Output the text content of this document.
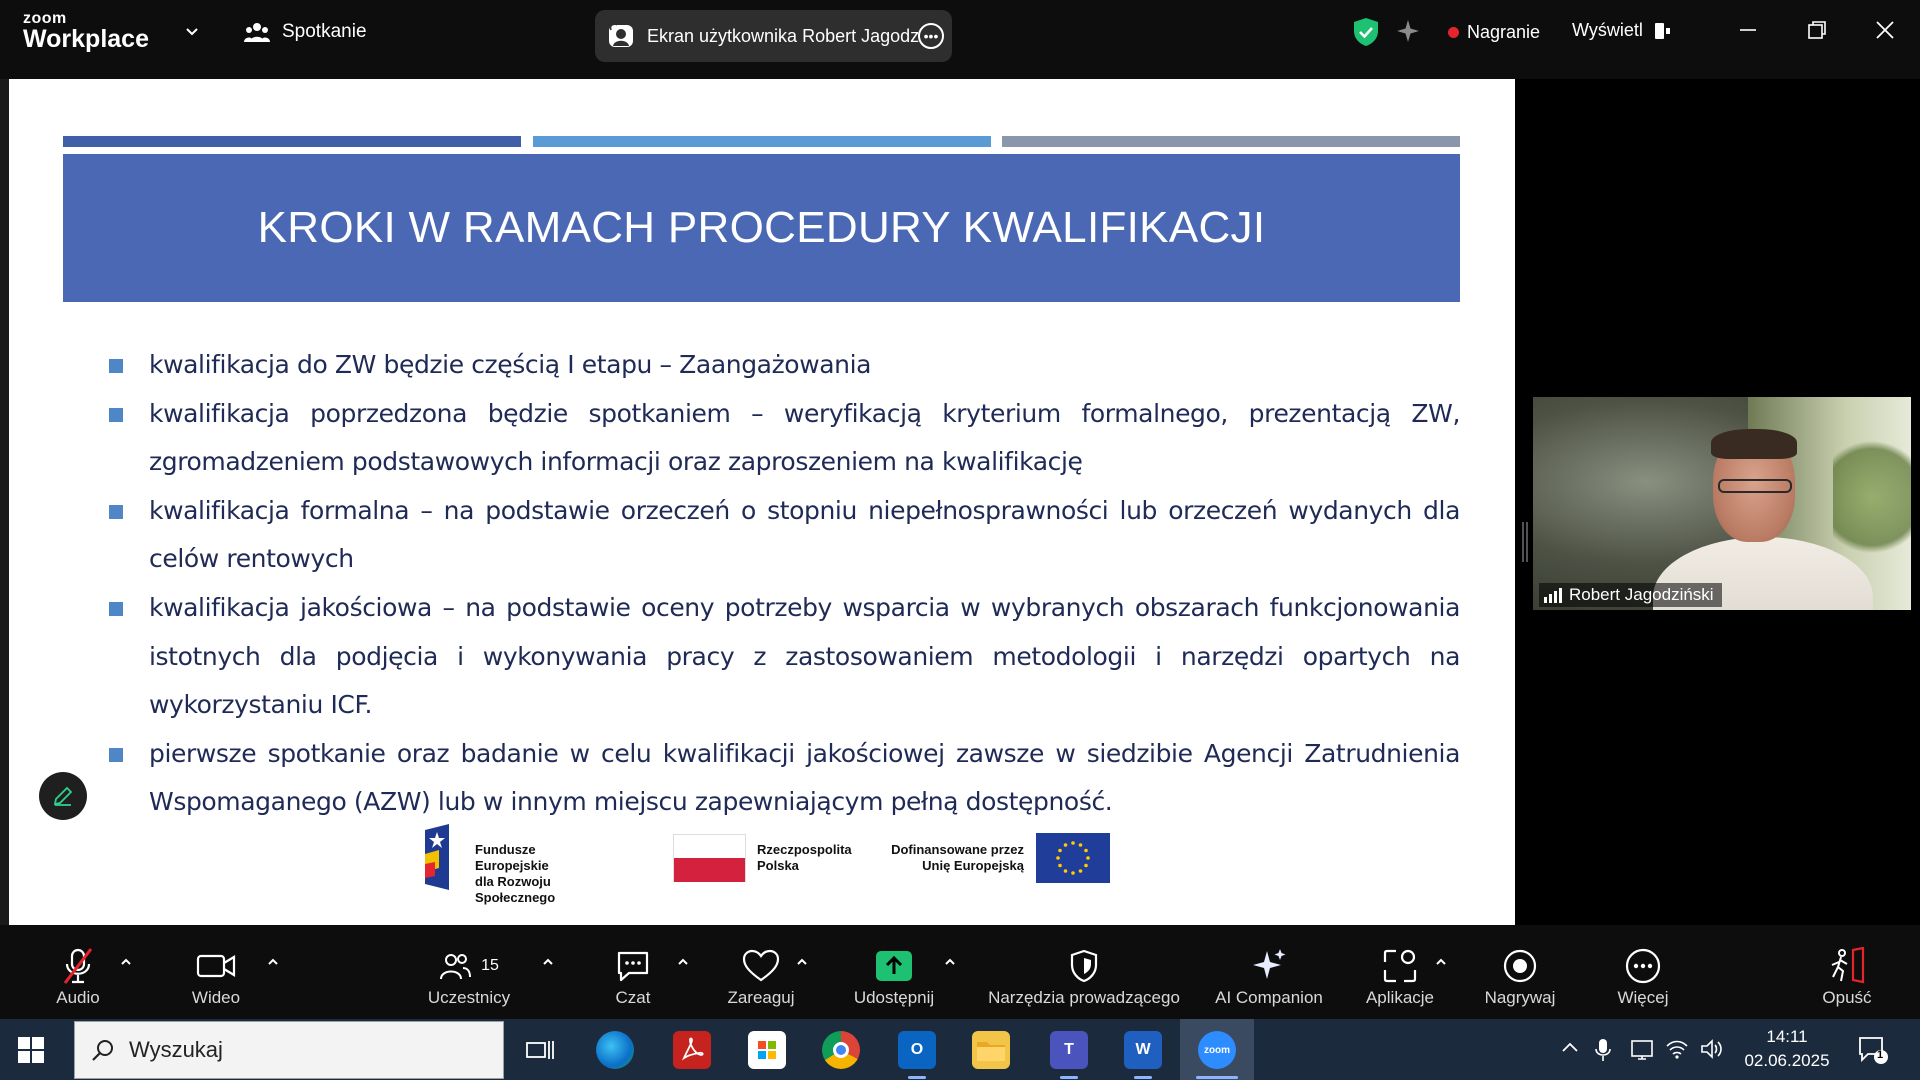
zoom
Workplace	Spotkanie	Ekran użytkownika Robert Jagodz •••	Nagranie Wyświetl
KROKI W RAMACH PROCEDURY KWALIFIKACJI
kwalifikacja do ZW będzie częścią I etapu – Zaangażowania
kwalifikacja poprzedzona będzie spotkaniem – weryfikacją kryterium formalnego, prezentacją ZW, zgromadzeniem podstawowych informacji oraz zaproszeniem na kwalifikację
kwalifikacja formalna – na podstawie orzeczeń o stopniu niepełnosprawności lub orzeczeń wydanych dla celów rentowych
kwalifikacja jakościowa – na podstawie oceny potrzeby wsparcia w wybranych obszarach funkcjonowania istotnych dla podjęcia i wykonywania pracy z zastosowaniem metodologii i narzędzi opartych na wykorzystaniu ICF.
pierwsze spotkanie oraz badanie w celu kwalifikacji jakościowej zawsze w siedzibie Agencji Zatrudnienia Wspomaganego (AZW) lub w innym miejscu zapewniającym pełną dostępność.
Fundusze Europejskie
dla Rozwoju Społecznego
Rzeczpospolita
Polska
Dofinansowane przez
Unię Europejską
Robert Jagodziński
Audio	Wideo
15
Uczestnicy	Czat	Zareaguj	Udostępnij	Narzędzia prowadzącego AI Companion	Aplikacje	Nagrywaj	Więcej	Opuść
Wyszukaj	O	T	W	zoom
14:11
02.06.2025	1
